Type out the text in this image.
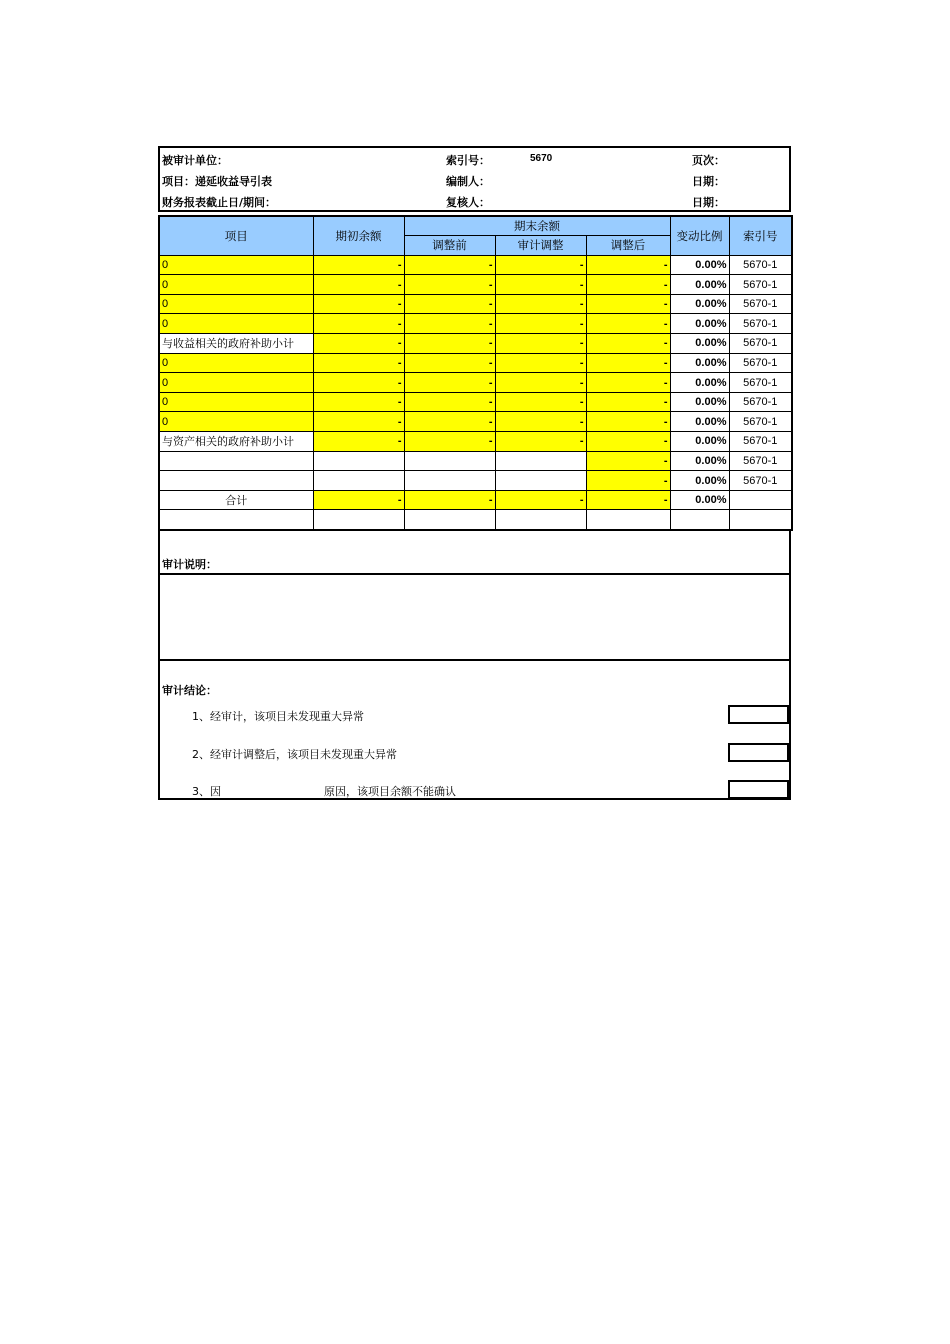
被审计单位：	索引号：	5670	页次：
项目：递延收益导引表	编制人：	日期：
财务报表截止日/期间：	复核人：	日期：
项目	期初余额	期末余额			变动比例	索引号
		调整前	审计调整	调整后		
0	-	-	-	-	0.00%	5670-1
0	-	-	-	-	0.00%	5670-1
0	-	-	-	-	0.00%	5670-1
0	-	-	-	-	0.00%	5670-1
与收益相关的政府补助小计	-	-	-	-	0.00%	5670-1
0	-	-	-	-	0.00%	5670-1
0	-	-	-	-	0.00%	5670-1
0	-	-	-	-	0.00%	5670-1
0	-	-	-	-	0.00%	5670-1
与资产相关的政府补助小计	-	-	-	-	0.00%	5670-1
				-	0.00%	5670-1
				-	0.00%	5670-1
合计	-	-	-	-	0.00%	

审计说明：
审计结论：
1、经审计，该项目未发现重大异常
2、经审计调整后，该项目未发现重大异常
3、因	原因，该项目余额不能确认
